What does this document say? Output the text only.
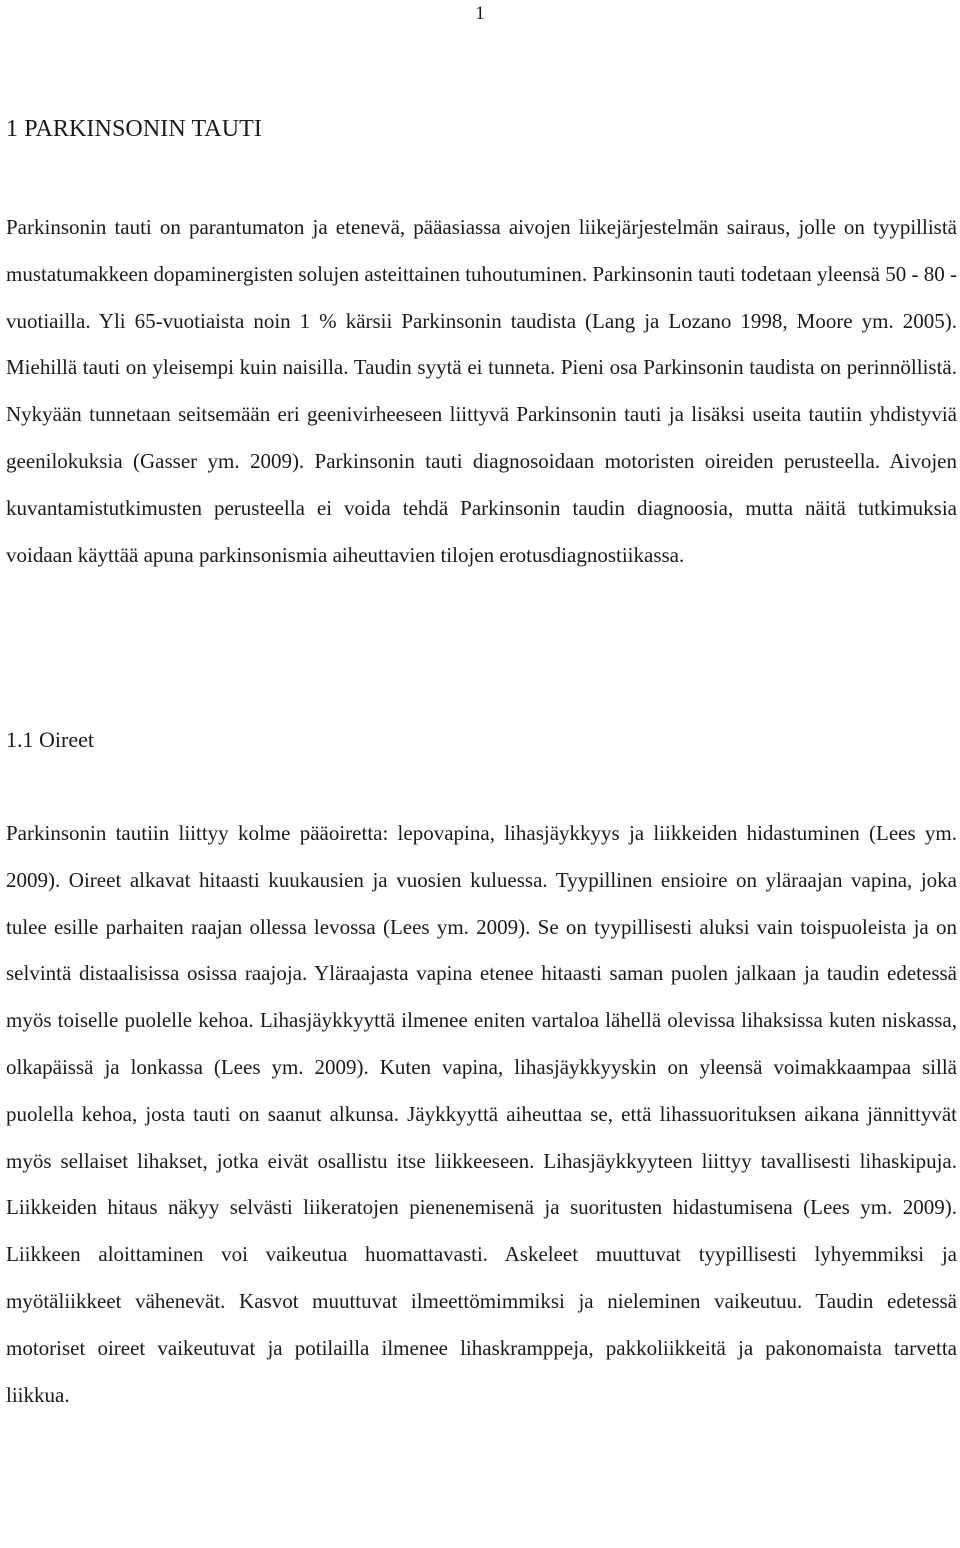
1
1 PARKINSONIN TAUTI

Parkinsonin tauti on parantumaton ja etenevä, pääasiassa aivojen liikejärjestelmän sairaus, jolle on tyypillistä mustatumakkeen dopaminergisten solujen asteittainen tuhoutuminen. Parkinsonin tauti todetaan yleensä 50 - 80 -vuotiailla. Yli 65-vuotiaista noin 1 % kärsii Parkinsonin taudista (Lang ja Lozano 1998, Moore ym. 2005). Miehillä tauti on yleisempi kuin naisilla. Taudin syytä ei tunneta. Pieni osa Parkinsonin taudista on perinnöllistä. Nykyään tunnetaan seitsemään eri geenivirheeseen liittyvä Parkinsonin tauti ja lisäksi useita tautiin yhdistyviä geenilokuksia (Gasser ym. 2009). Parkinsonin tauti diagnosoidaan motoristen oireiden perusteella. Aivojen kuvantamistutkimusten perusteella ei voida tehdä Parkinsonin taudin diagnoosia, mutta näitä tutkimuksia voidaan käyttää apuna parkinsonismia aiheuttavien tilojen erotusdiagnostiikassa.

1.1 Oireet

Parkinsonin tautiin liittyy kolme pääoiretta: lepovapina, lihasjäykkyys ja liikkeiden hidastuminen (Lees ym. 2009). Oireet alkavat hitaasti kuukausien ja vuosien kuluessa. Tyypillinen ensioire on yläraajan vapina, joka tulee esille parhaiten raajan ollessa levossa (Lees ym. 2009). Se on tyypillisesti aluksi vain toispuoleista ja on selvintä distaalisissa osissa raajoja. Yläraajasta vapina etenee hitaasti saman puolen jalkaan ja taudin edetessä myös toiselle puolelle kehoa. Lihasjäykkyyttä ilmenee eniten vartaloa lähellä olevissa lihaksissa kuten niskassa, olkapäissä ja lonkassa (Lees ym. 2009). Kuten vapina, lihasjäykkyyskin on yleensä voimakkaampaa sillä puolella kehoa, josta tauti on saanut alkunsa. Jäykkyyttä aiheuttaa se, että lihassuorituksen aikana jännittyvät myös sellaiset lihakset, jotka eivät osallistu itse liikkeeseen. Lihasjäykkyyteen liittyy tavallisesti lihaskipuja. Liikkeiden hitaus näkyy selvästi liikeratojen pienenemisenä ja suoritusten hidastumisena (Lees ym. 2009). Liikkeen aloittaminen voi vaikeutua huomattavasti. Askeleet muuttuvat tyypillisesti lyhyemmiksi ja myötäliikkeet vähenevät. Kasvot muuttuvat ilmeettömimmiksi ja nieleminen vaikeutuu. Taudin edetessä motoriset oireet vaikeutuvat ja potilailla ilmenee lihaskramppeja, pakkoliikkeitä ja pakonomaista tarvetta liikkua.
